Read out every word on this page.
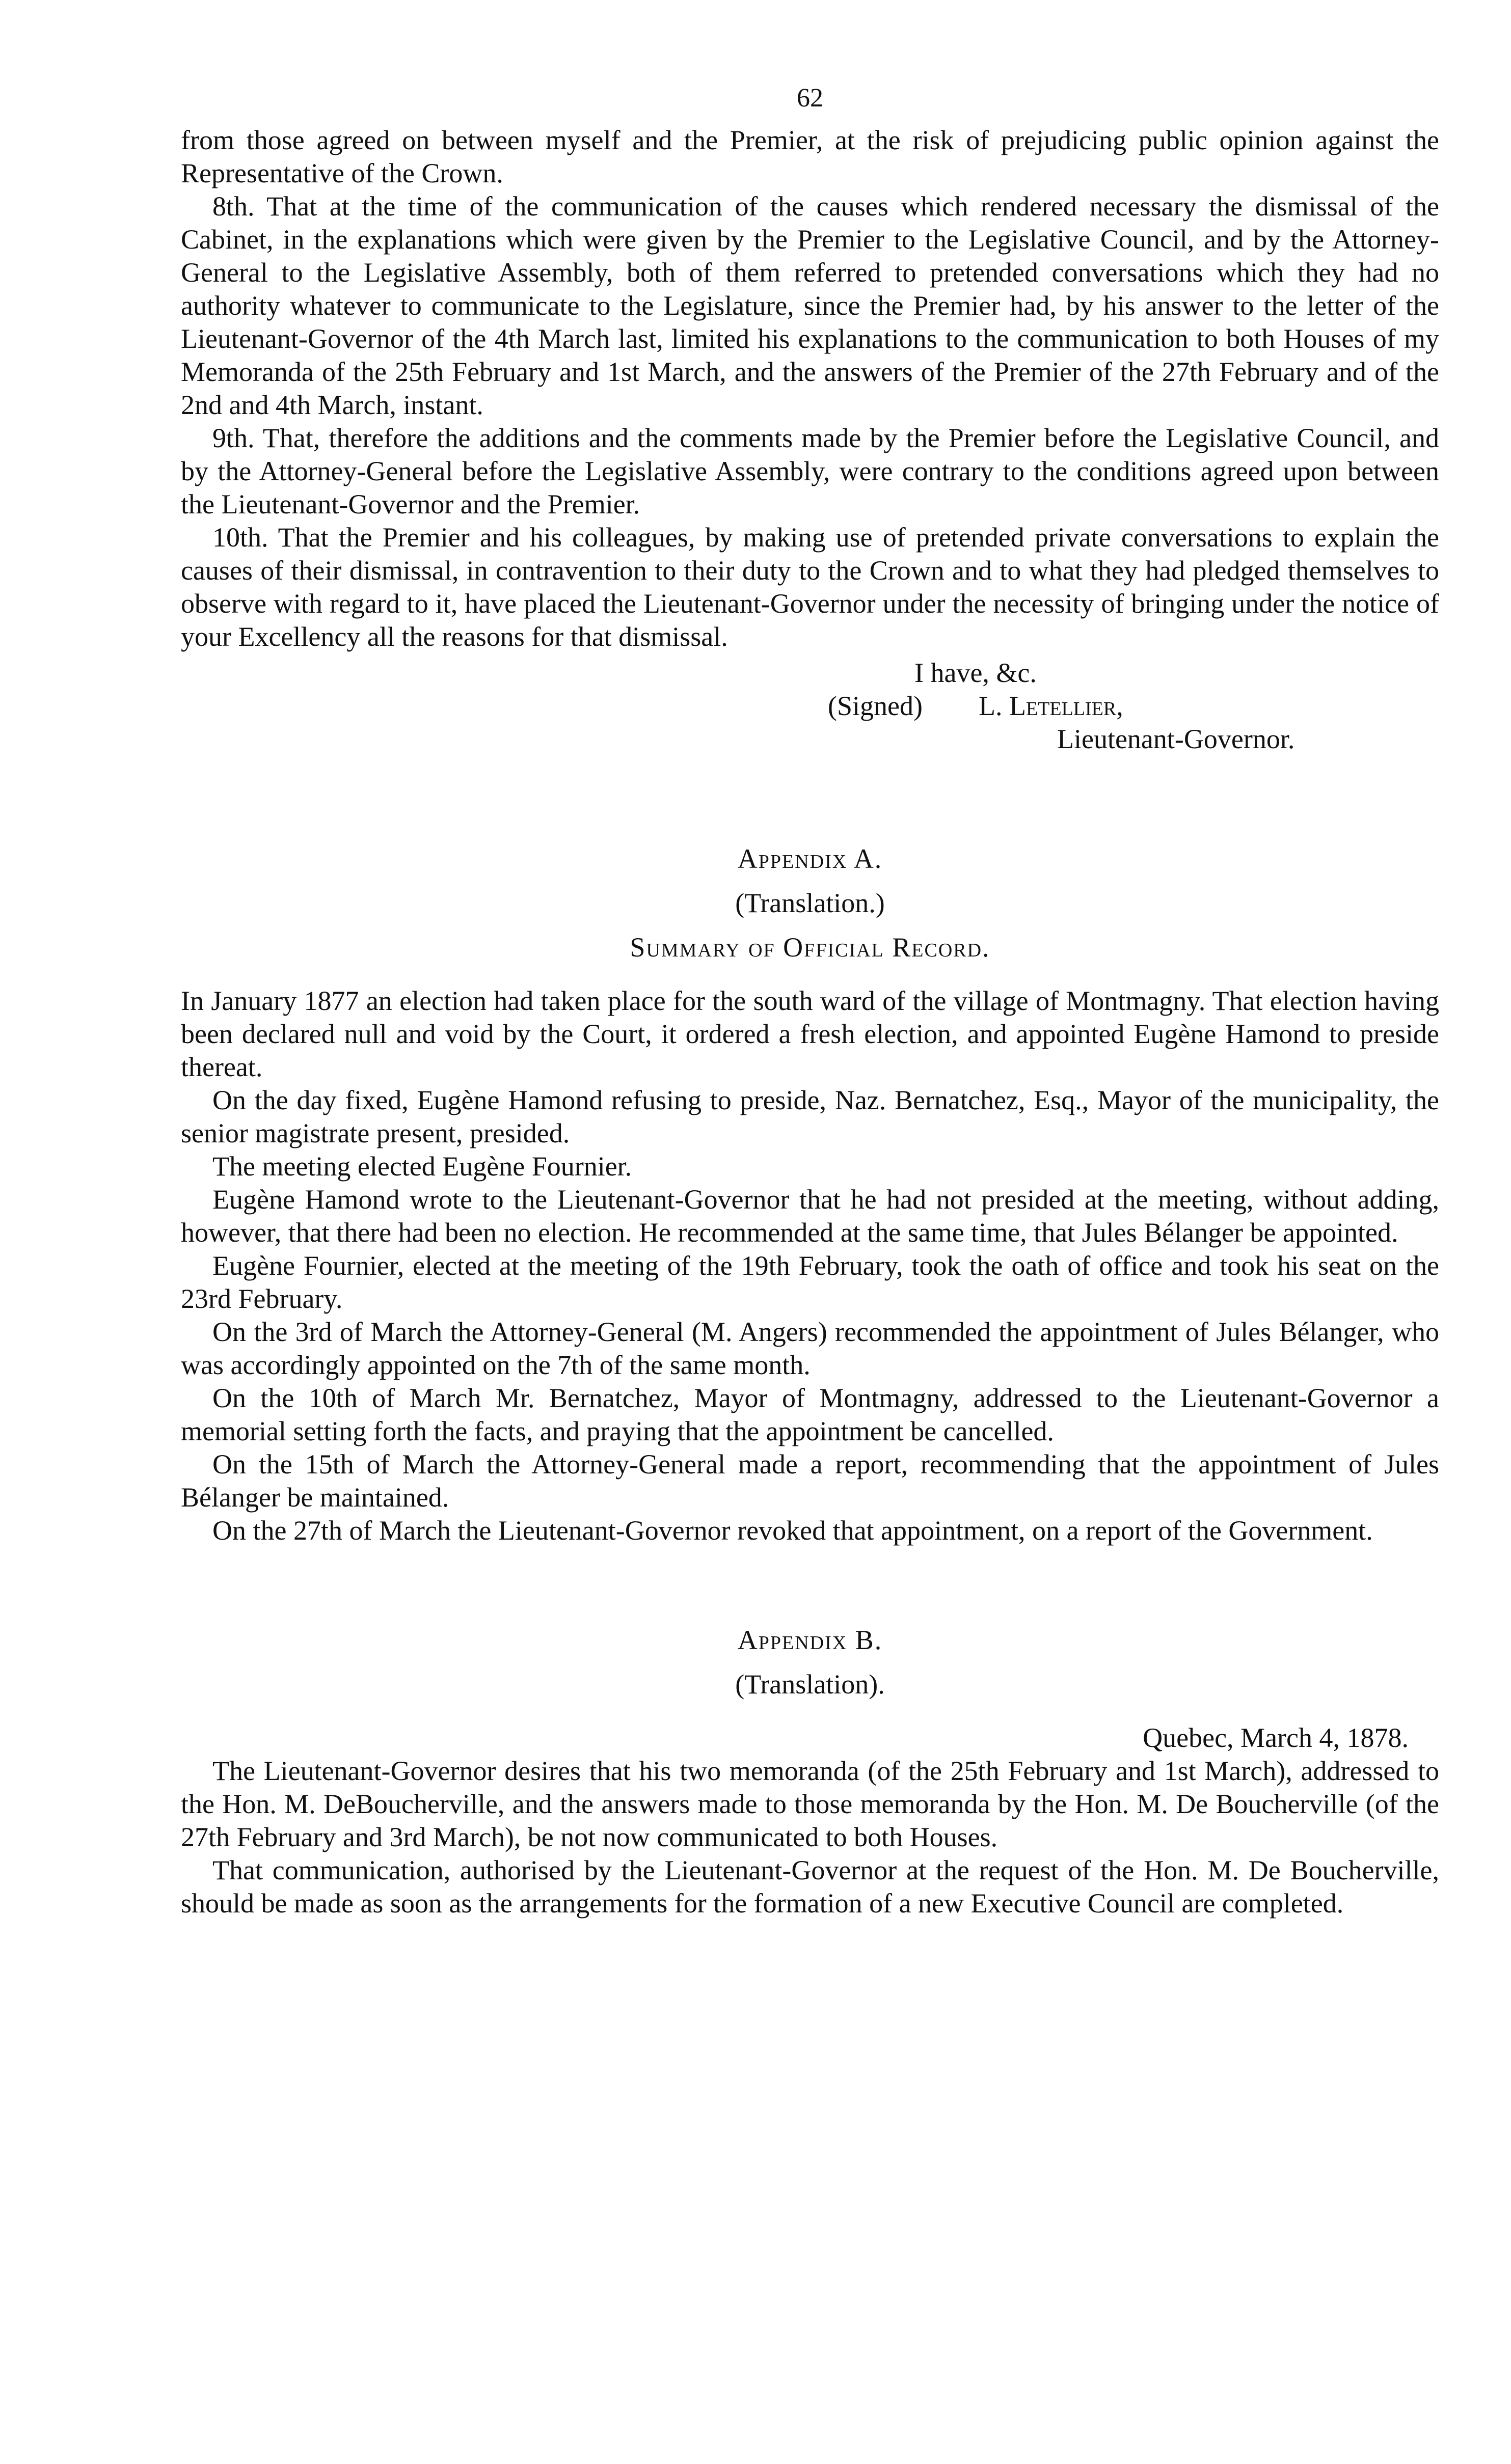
62

from those agreed on between myself and the Premier, at the risk of prejudicing public opinion against the Representative of the Crown.

8th. That at the time of the communication of the causes which rendered necessary the dismissal of the Cabinet, in the explanations which were given by the Premier to the Legislative Council, and by the Attorney-General to the Legislative Assembly, both of them referred to pretended conversations which they had no authority whatever to communicate to the Legislature, since the Premier had, by his answer to the letter of the Lieutenant-Governor of the 4th March last, limited his explanations to the communication to both Houses of my Memoranda of the 25th February and 1st March, and the answers of the Premier of the 27th February and of the 2nd and 4th March, instant.

9th. That, therefore the additions and the comments made by the Premier before the Legislative Council, and by the Attorney-General before the Legislative Assembly, were contrary to the conditions agreed upon between the Lieutenant-Governor and the Premier.

10th. That the Premier and his colleagues, by making use of pretended private conversations to explain the causes of their dismissal, in contravention to their duty to the Crown and to what they had pledged themselves to observe with regard to it, have placed the Lieutenant-Governor under the necessity of bringing under the notice of your Excellency all the reasons for that dismissal.

I have, &c.
(Signed) L. Letellier,
Lieutenant-Governor.
Appendix A.
(Translation.)
Summary of Official Record.

In January 1877 an election had taken place for the south ward of the village of Montmagny. That election having been declared null and void by the Court, it ordered a fresh election, and appointed Eugène Hamond to preside thereat.

On the day fixed, Eugène Hamond refusing to preside, Naz. Bernatchez, Esq., Mayor of the municipality, the senior magistrate present, presided.

The meeting elected Eugène Fournier.

Eugène Hamond wrote to the Lieutenant-Governor that he had not presided at the meeting, without adding, however, that there had been no election. He recommended at the same time, that Jules Bélanger be appointed.

Eugène Fournier, elected at the meeting of the 19th February, took the oath of office and took his seat on the 23rd February.

On the 3rd of March the Attorney-General (M. Angers) recommended the appointment of Jules Bélanger, who was accordingly appointed on the 7th of the same month.

On the 10th of March Mr. Bernatchez, Mayor of Montmagny, addressed to the Lieutenant-Governor a memorial setting forth the facts, and praying that the appointment be cancelled.

On the 15th of March the Attorney-General made a report, recommending that the appointment of Jules Bélanger be maintained.

On the 27th of March the Lieutenant-Governor revoked that appointment, on a report of the Government.

Appendix B.
(Translation).
Quebec, March 4, 1878.

The Lieutenant-Governor desires that his two memoranda (of the 25th February and 1st March), addressed to the Hon. M. DeBoucherville, and the answers made to those memoranda by the Hon. M. De Boucherville (of the 27th February and 3rd March), be not now communicated to both Houses.

That communication, authorised by the Lieutenant-Governor at the request of the Hon. M. De Boucherville, should be made as soon as the arrangements for the formation of a new Executive Council are completed.
